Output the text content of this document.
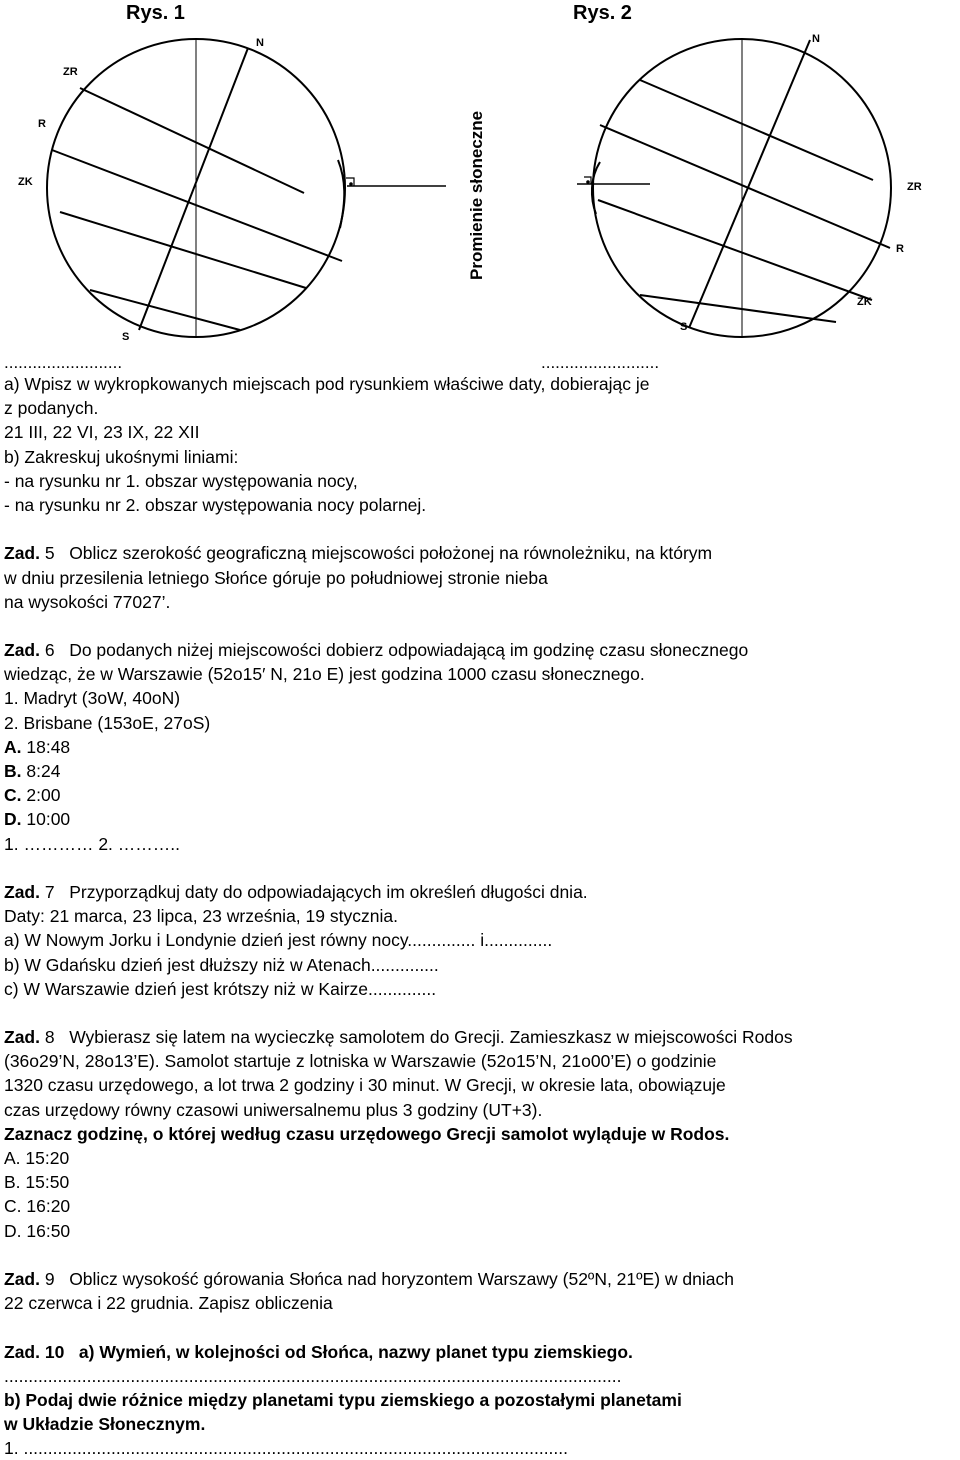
Rys. 1	Rys. 2
N
ZR
R
ZK
S
Promienie słoneczne
N
ZR
R
ZK
S
.........................	.........................
a) Wpisz w wykropkowanych miejscach pod rysunkiem właściwe daty, dobierając je
z podanych.
21 III, 22 VI, 23 IX, 22 XII
b) Zakreskuj ukośnymi liniami:
- na rysunku nr 1. obszar występowania nocy,
- na rysunku nr 2. obszar występowania nocy polarnej.
Zad. 5 Oblicz szerokość geograficzną miejscowości położonej na równoleżniku, na którym
w dniu przesilenia letniego Słońce góruje po południowej stronie nieba
na wysokości 77027’.
Zad. 6 Do podanych niżej miejscowości dobierz odpowiadającą im godzinę czasu słonecznego
wiedząc, że w Warszawie (52o15′ N, 21o E) jest godzina 1000 czasu słonecznego.
1. Madryt (3oW, 40oN)
2. Brisbane (153oE, 27oS)
A. 18:48
B. 8:24
C. 2:00
D. 10:00
1. ………… 2. ………..
Zad. 7 Przyporządkuj daty do odpowiadających im określeń długości dnia.
Daty: 21 marca, 23 lipca, 23 września, 19 stycznia.
a) W Nowym Jorku i Londynie dzień jest równy nocy.............. i..............
b) W Gdańsku dzień jest dłuższy niż w Atenach..............
c) W Warszawie dzień jest krótszy niż w Kairze..............
Zad. 8 Wybierasz się latem na wycieczkę samolotem do Grecji. Zamieszkasz w miejscowości Rodos
(36o29’N, 28o13’E). Samolot startuje z lotniska w Warszawie (52o15’N, 21o00’E) o godzinie
1320 czasu urzędowego, a lot trwa 2 godziny i 30 minut. W Grecji, w okresie lata, obowiązuje
czas urzędowy równy czasowi uniwersalnemu plus 3 godziny (UT+3).
Zaznacz godzinę, o której według czasu urzędowego Grecji samolot wyląduje w Rodos.
A. 15:20
B. 15:50
C. 16:20
D. 16:50
Zad. 9 Oblicz wysokość górowania Słońca nad horyzontem Warszawy (52ºN, 21ºE) w dniach
22 czerwca i 22 grudnia. Zapisz obliczenia
Zad. 10 a) Wymień, w kolejności od Słońca, nazwy planet typu ziemskiego.
...............................................................................................................................
b) Podaj dwie różnice między planetami typu ziemskiego a pozostałymi planetami
w Układzie Słonecznym.
1. ................................................................................................................
